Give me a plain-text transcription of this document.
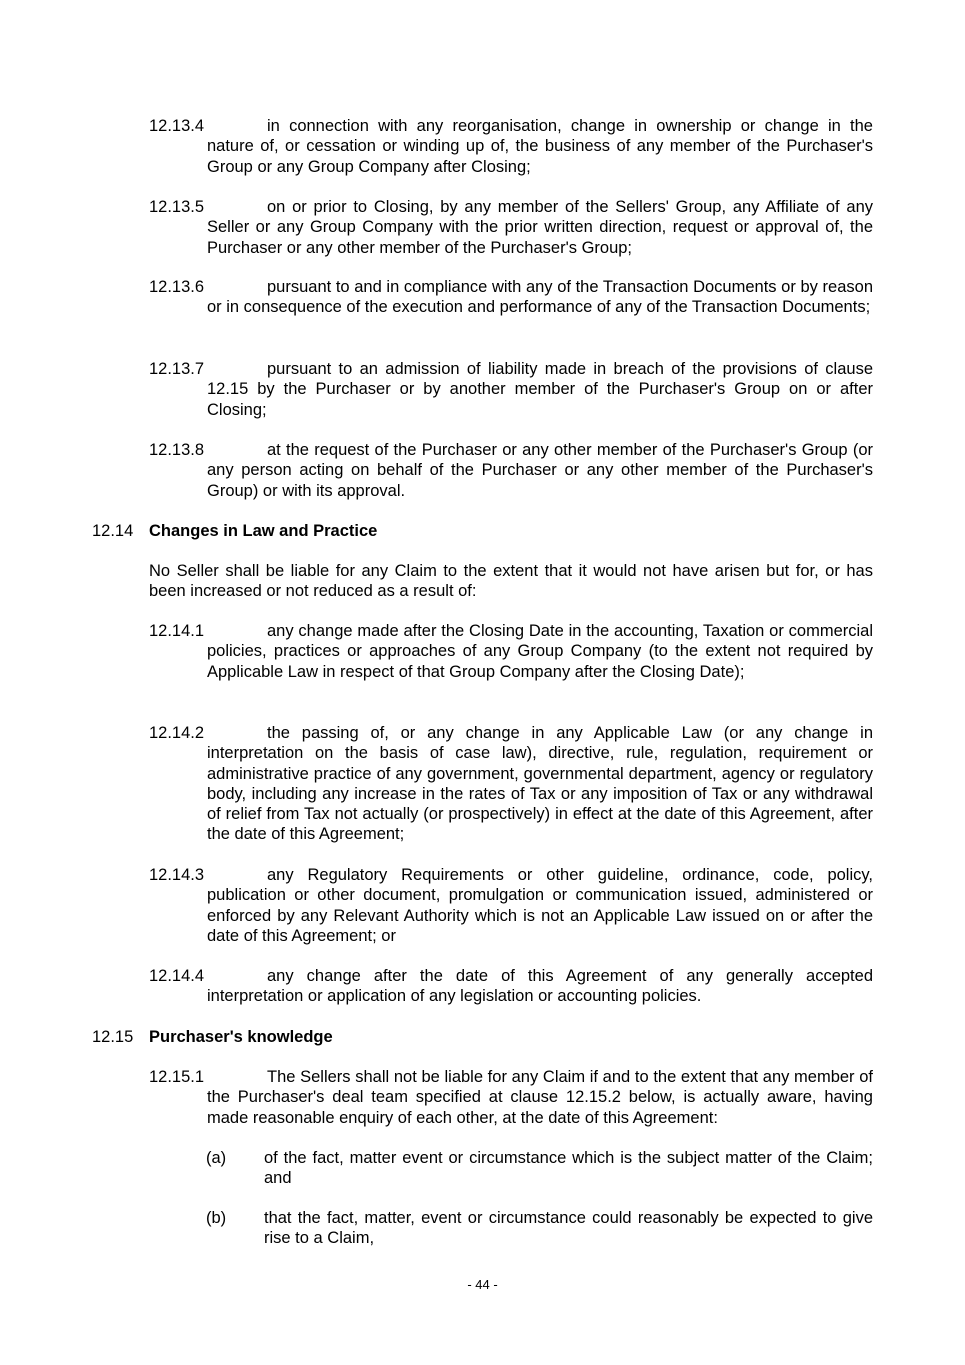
12.13.4	in connection with any reorganisation, change in ownership or change in the nature of, or cessation or winding up of, the business of any member of the Purchaser's Group or any Group Company after Closing;
12.13.5	on or prior to Closing, by any member of the Sellers' Group, any Affiliate of any Seller or any Group Company with the prior written direction, request or approval of, the Purchaser or any other member of the Purchaser's Group;
12.13.6	pursuant to and in compliance with any of the Transaction Documents or by reason or in consequence of the execution and performance of any of the Transaction Documents;
12.13.7	pursuant to an admission of liability made in breach of the provisions of clause 12.15 by the Purchaser or by another member of the Purchaser's Group on or after Closing;
12.13.8	at the request of the Purchaser or any other member of the Purchaser's Group (or any person acting on behalf of the Purchaser or any other member of the Purchaser's Group) or with its approval.
12.14 Changes in Law and Practice
No Seller shall be liable for any Claim to the extent that it would not have arisen but for, or has been increased or not reduced as a result of:
12.14.1	any change made after the Closing Date in the accounting, Taxation or commercial policies, practices or approaches of any Group Company (to the extent not required by Applicable Law in respect of that Group Company after the Closing Date);
12.14.2	the passing of, or any change in any Applicable Law (or any change in interpretation on the basis of case law), directive, rule, regulation, requirement or administrative practice of any government, governmental department, agency or regulatory body, including any increase in the rates of Tax or any imposition of Tax or any withdrawal of relief from Tax not actually (or prospectively) in effect at the date of this Agreement, after the date of this Agreement;
12.14.3	any Regulatory Requirements or other guideline, ordinance, code, policy, publication or other document, promulgation or communication issued, administered or enforced by any Relevant Authority which is not an Applicable Law issued on or after the date of this Agreement; or
12.14.4	any change after the date of this Agreement of any generally accepted interpretation or application of any legislation or accounting policies.
12.15 Purchaser's knowledge
12.15.1	The Sellers shall not be liable for any Claim if and to the extent that any member of the Purchaser's deal team specified at clause 12.15.2 below, is actually aware, having made reasonable enquiry of each other, at the date of this Agreement:
(a) of the fact, matter event or circumstance which is the subject matter of the Claim; and
(b) that the fact, matter, event or circumstance could reasonably be expected to give rise to a Claim,
- 44 -
